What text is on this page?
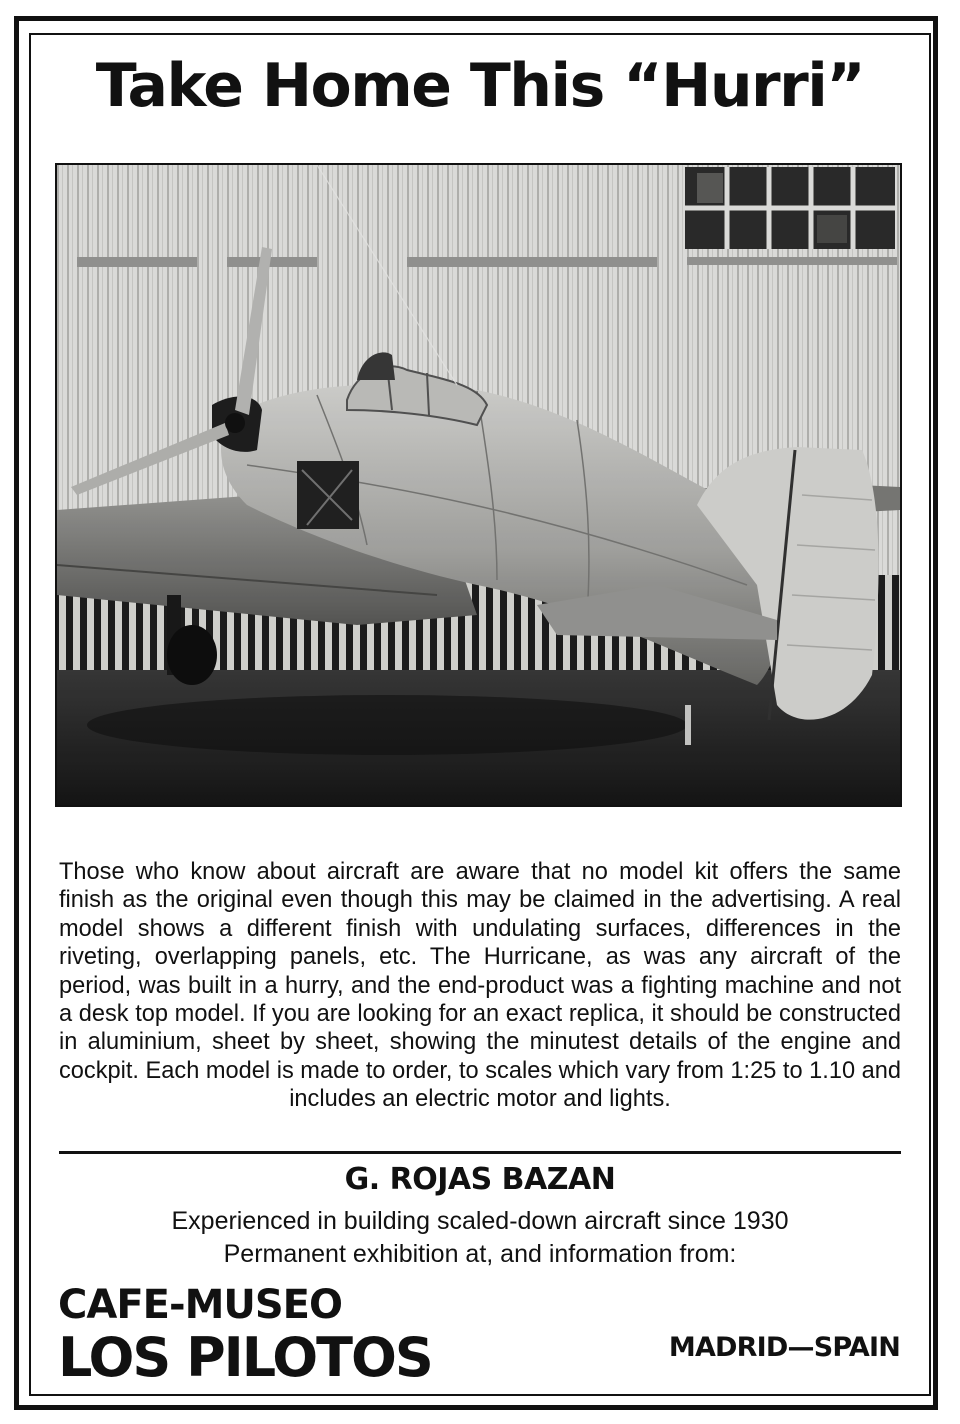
Take Home This “Hurri”

Those who know about aircraft are aware that no model kit offers the same finish as the original even though this may be claimed in the advertising. A real model shows a different finish with undulating surfaces, differences in the riveting, overlapping panels, etc. The Hurricane, as was any aircraft of the period, was built in a hurry, and the end-product was a fighting machine and not a desk top model. If you are looking for an exact replica, it should be constructed in aluminium, sheet by sheet, showing the minutest details of the engine and cockpit. Each model is made to order, to scales which vary from 1:25 to 1.10 and includes an electric motor and lights.

G. ROJAS BAZAN

Experienced in building scaled-down aircraft since 1930

Permanent exhibition at, and information from:

CAFE-MUSEO

LOS PILOTOS	MADRID—SPAIN
